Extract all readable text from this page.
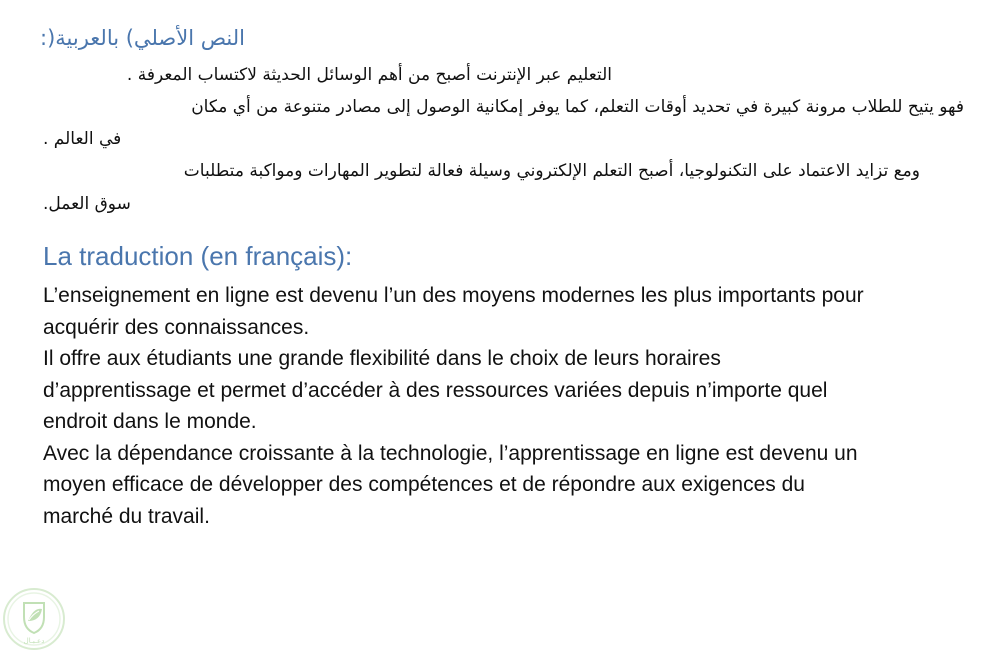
النص الأصلي) بالعربية(:
التعليم عبر الإنترنت أصبح من أهم الوسائل الحديثة لاكتساب المعرفة .
فهو يتيح للطلاب مرونة كبيرة في تحديد أوقات التعلم، كما يوفر إمكانية الوصول إلى مصادر متنوعة من أي مكان
في العالم .
ومع تزايد الاعتماد على التكنولوجيا، أصبح التعلم الإلكتروني وسيلة فعالة لتطوير المهارات ومواكبة متطلبات
سوق العمل.
La traduction (en français):
L’enseignement en ligne est devenu l’un des moyens modernes les plus importants pour
acquérir des connaissances.
Il offre aux étudiants une grande flexibilité dans le choix de leurs horaires
d’apprentissage et permet d’accéder à des ressources variées depuis n’importe quel
endroit dans le monde.
Avec la dépendance croissante à la technologie, l’apprentissage en ligne est devenu un
moyen efficace de développer des compétences et de répondre aux exigences du
marché du travail.
دعـبـال
